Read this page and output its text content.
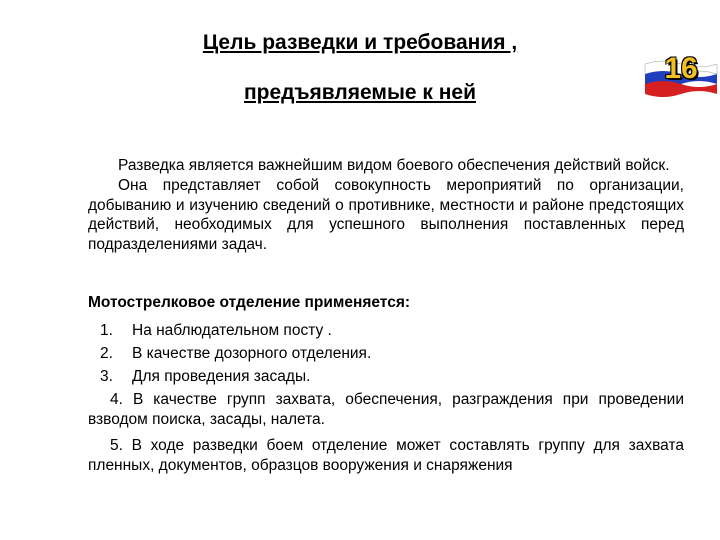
Цель разведки и требования ,
предъявляемые к ней
16
Разведка является важнейшим видом боевого обеспечения действий войск.
Она представляет собой совокупность мероприятий по организации, добыванию и изучению сведений о противнике, местности и районе предстоящих действий, необходимых для успешного выполнения поставленных перед подразделениями задач.
Мотострелковое отделение применяется:
1. На наблюдательном посту .
2. В качестве дозорного отделения.
3. Для проведения засады.
4. В качестве групп захвата, обеспечения, разграждения при проведении взводом поиска, засады, налета.
5. В ходе разведки боем отделение может составлять группу для захвата пленных, документов, образцов вооружения и снаряжения
